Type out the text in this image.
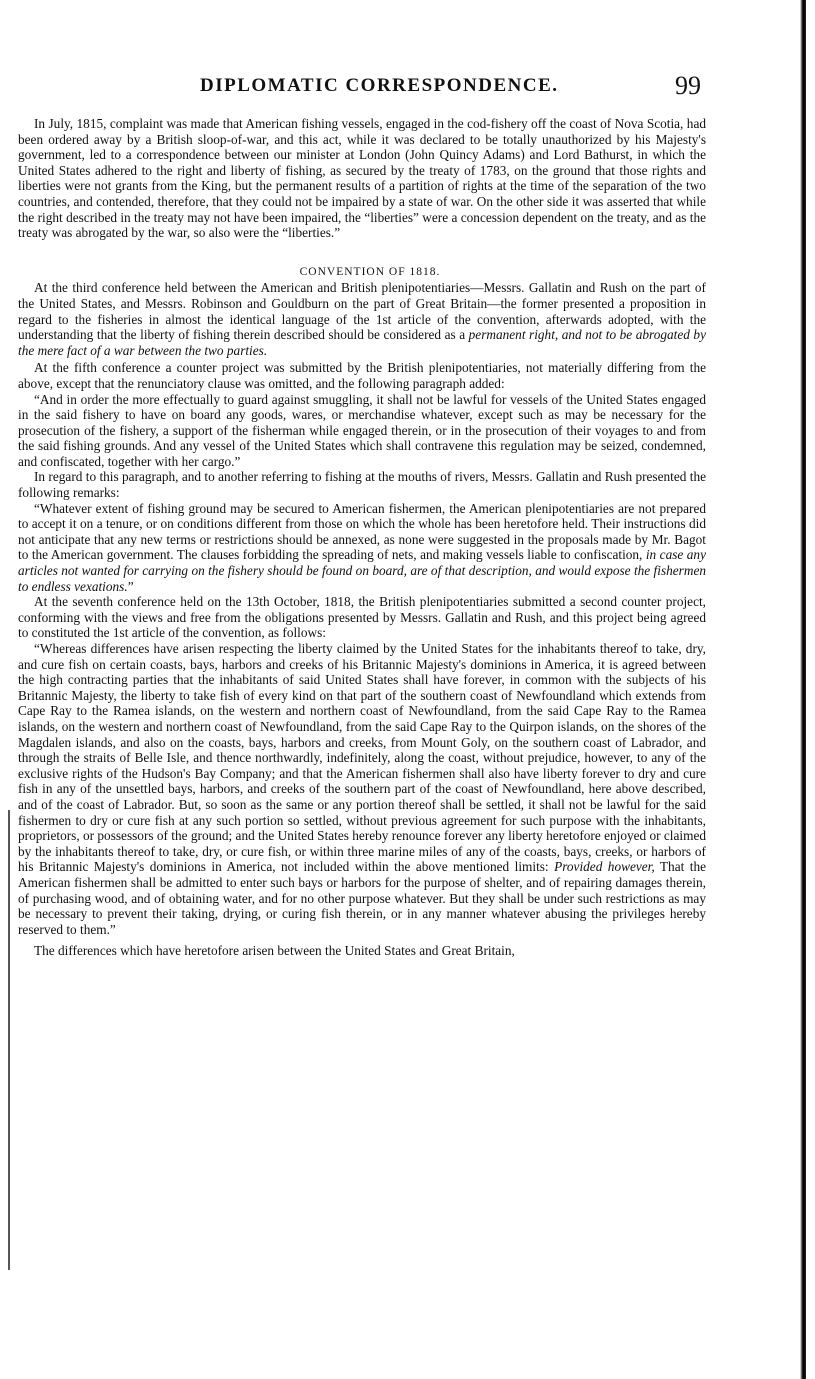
DIPLOMATIC CORRESPONDENCE.	99

In July, 1815, complaint was made that American fishing vessels, engaged in the cod-fishery off the coast of Nova Scotia, had been ordered away by a British sloop-of-war, and this act, while it was declared to be totally unauthorized by his Majesty's government, led to a correspondence between our minister at London (John Quincy Adams) and Lord Bathurst, in which the United States adhered to the right and liberty of fishing, as secured by the treaty of 1783, on the ground that those rights and liberties were not grants from the King, but the permanent results of a partition of rights at the time of the separation of the two countries, and contended, therefore, that they could not be impaired by a state of war. On the other side it was asserted that while the right described in the treaty may not have been impaired, the “liberties” were a concession dependent on the treaty, and as the treaty was abrogated by the war, so also were the “liberties.”

CONVENTION OF 1818.

At the third conference held between the American and British plenipotentiaries—Messrs. Gallatin and Rush on the part of the United States, and Messrs. Robinson and Gouldburn on the part of Great Britain—the former presented a proposition in regard to the fisheries in almost the identical language of the 1st article of the convention, afterwards adopted, with the understanding that the liberty of fishing therein described should be considered as a permanent right, and not to be abrogated by the mere fact of a war between the two parties.

At the fifth conference a counter project was submitted by the British plenipotentiaries, not materially differing from the above, except that the renunciatory clause was omitted, and the following paragraph added:

“And in order the more effectually to guard against smuggling, it shall not be lawful for vessels of the United States engaged in the said fishery to have on board any goods, wares, or merchandise whatever, except such as may be necessary for the prosecution of the fishery, a support of the fisherman while engaged therein, or in the prosecution of their voyages to and from the said fishing grounds. And any vessel of the United States which shall contravene this regulation may be seized, condemned, and confiscated, together with her cargo.”

In regard to this paragraph, and to another referring to fishing at the mouths of rivers, Messrs. Gallatin and Rush presented the following remarks:

“Whatever extent of fishing ground may be secured to American fishermen, the American plenipotentiaries are not prepared to accept it on a tenure, or on conditions different from those on which the whole has been heretofore held. Their instructions did not anticipate that any new terms or restrictions should be annexed, as none were suggested in the proposals made by Mr. Bagot to the American government. The clauses forbidding the spreading of nets, and making vessels liable to confiscation, in case any articles not wanted for carrying on the fishery should be found on board, are of that description, and would expose the fishermen to endless vexations.”

At the seventh conference held on the 13th October, 1818, the British plenipotentiaries submitted a second counter project, conforming with the views and free from the obligations presented by Messrs. Gallatin and Rush, and this project being agreed to constituted the 1st article of the convention, as follows:

“Whereas differences have arisen respecting the liberty claimed by the United States for the inhabitants thereof to take, dry, and cure fish on certain coasts, bays, harbors and creeks of his Britannic Majesty's dominions in America, it is agreed between the high contracting parties that the inhabitants of said United States shall have forever, in common with the subjects of his Britannic Majesty, the liberty to take fish of every kind on that part of the southern coast of Newfoundland which extends from Cape Ray to the Ramea islands, on the western and northern coast of Newfoundland, from the said Cape Ray to the Ramea islands, on the western and northern coast of Newfoundland, from the said Cape Ray to the Quirpon islands, on the shores of the Magdalen islands, and also on the coasts, bays, harbors and creeks, from Mount Goly, on the southern coast of Labrador, and through the straits of Belle Isle, and thence northwardly, indefinitely, along the coast, without prejudice, however, to any of the exclusive rights of the Hudson's Bay Company; and that the American fishermen shall also have liberty forever to dry and cure fish in any of the unsettled bays, harbors, and creeks of the southern part of the coast of Newfoundland, here above described, and of the coast of Labrador. But, so soon as the same or any portion thereof shall be settled, it shall not be lawful for the said fishermen to dry or cure fish at any such portion so settled, without previous agreement for such purpose with the inhabitants, proprietors, or possessors of the ground; and the United States hereby renounce forever any liberty heretofore enjoyed or claimed by the inhabitants thereof to take, dry, or cure fish, or within three marine miles of any of the coasts, bays, creeks, or harbors of his Britannic Majesty's dominions in America, not included within the above mentioned limits: Provided however, That the American fishermen shall be admitted to enter such bays or harbors for the purpose of shelter, and of repairing damages therein, of purchasing wood, and of obtaining water, and for no other purpose whatever. But they shall be under such restrictions as may be necessary to prevent their taking, drying, or curing fish therein, or in any manner whatever abusing the privileges hereby reserved to them.”

The differences which have heretofore arisen between the United States and Great Britain,
